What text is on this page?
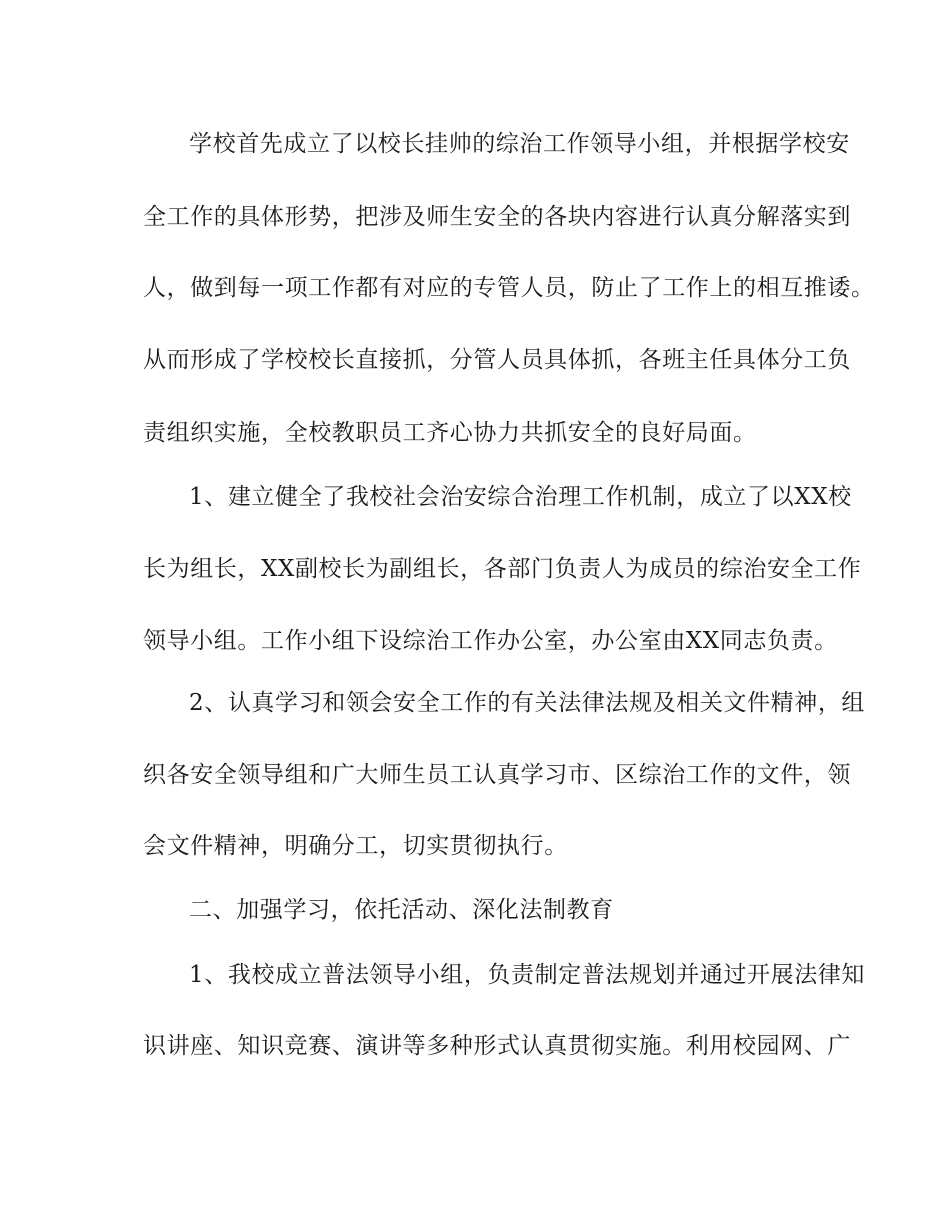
学校首先成立了以校长挂帅的综治工作领导小组，并根据学校安
全工作的具体形势，把涉及师生安全的各块内容进行认真分解落实到
人，做到每一项工作都有对应的专管人员，防止了工作上的相互推诿。
从而形成了学校校长直接抓，分管人员具体抓，各班主任具体分工负
责组织实施，全校教职员工齐心协力共抓安全的良好局面。
1、建立健全了我校社会治安综合治理工作机制，成立了以XX校
长为组长，XX副校长为副组长，各部门负责人为成员的综治安全工作
领导小组。工作小组下设综治工作办公室，办公室由XX同志负责。
2、认真学习和领会安全工作的有关法律法规及相关文件精神，组
织各安全领导组和广大师生员工认真学习市、区综治工作的文件，领
会文件精神，明确分工，切实贯彻执行。
二、加强学习，依托活动、深化法制教育
1、我校成立普法领导小组，负责制定普法规划并通过开展法律知
识讲座、知识竞赛、演讲等多种形式认真贯彻实施。利用校园网、广
